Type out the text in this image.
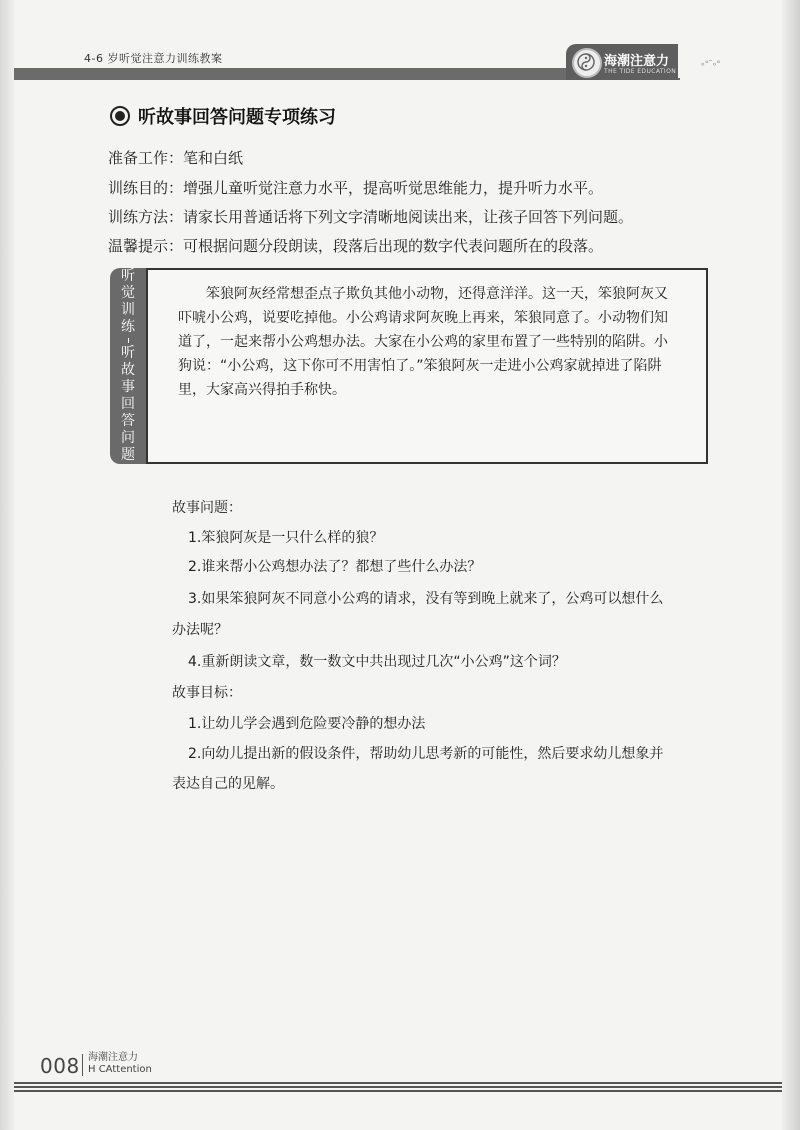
4-6 岁听觉注意力训练教案	海潮注意力
THE TIDE EDUCATION
∘°˜∘°
听故事回答问题专项练习
准备工作：笔和白纸
训练目的：增强儿童听觉注意力水平，提高听觉思维能力，提升听力水平。
训练方法：请家长用普通话将下列文字清晰地阅读出来，让孩子回答下列问题。
温馨提示：可根据问题分段朗读，段落后出现的数字代表问题所在的段落。
听
觉
训
练
听
故
事
回
答
问
题
笨狼阿灰经常想歪点子欺负其他小动物，还得意洋洋。这一天，笨狼阿灰又吓唬小公鸡，说要吃掉他。小公鸡请求阿灰晚上再来，笨狼同意了。小动物们知道了，一起来帮小公鸡想办法。大家在小公鸡的家里布置了一些特别的陷阱。小狗说：“小公鸡，这下你可不用害怕了。”笨狼阿灰一走进小公鸡家就掉进了陷阱里，大家高兴得拍手称快。
故事问题：
1.笨狼阿灰是一只什么样的狼？
2.谁来帮小公鸡想办法了？都想了些什么办法？
3.如果笨狼阿灰不同意小公鸡的请求，没有等到晚上就来了，公鸡可以想什么
办法呢？
4.重新朗读文章，数一数文中共出现过几次“小公鸡”这个词？
故事目标：
1.让幼儿学会遇到危险要冷静的想办法
2.向幼儿提出新的假设条件，帮助幼儿思考新的可能性，然后要求幼儿想象并
表达自己的见解。
008 海潮注意力
H CAttention
